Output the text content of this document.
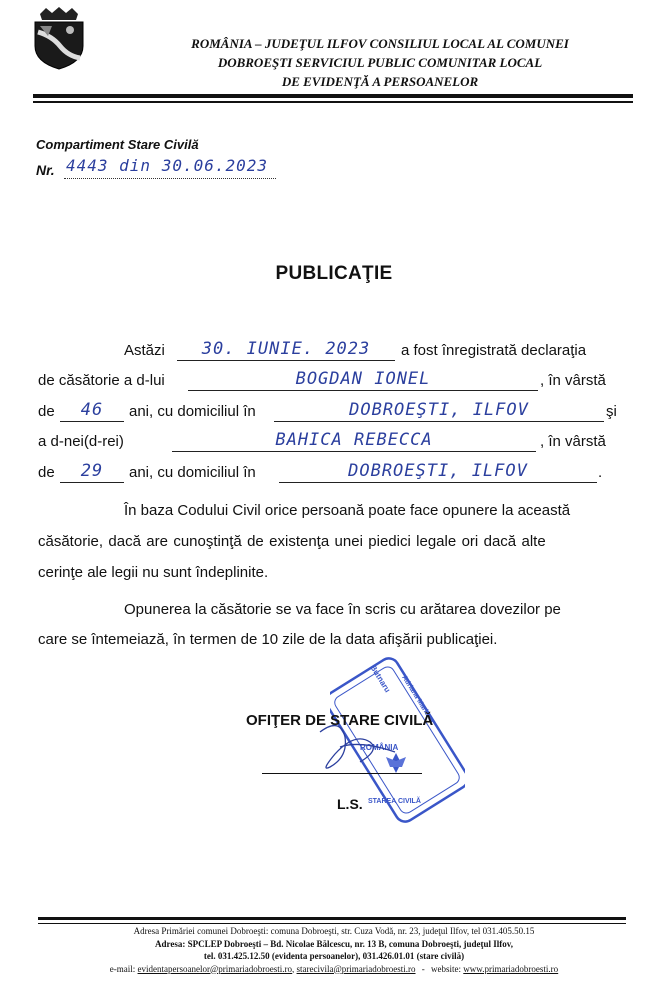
ROMÂNIA – JUDEŢUL ILFOV CONSILIUL LOCAL AL COMUNEI
DOBROEŞTI SERVICIUL PUBLIC COMUNITAR LOCAL
DE EVIDENŢĂ A PERSOANELOR
Compartiment Stare Civilă
Nr. 4443 din 30.06.2023
PUBLICAŢIE
Astăzi 30. IUNIE. 2023 a fost înregistrată declaraţia
de căsătorie a d-lui	BOGDAN IONEL	, în vârstă
de 46 ani, cu domiciliul în	DOBROEŞTI, ILFOV	şi
a d-nei(d-rei)	BAHICA REBECCA	, în vârstă
de 29 ani, cu domiciliul în	DOBROEŞTI, ILFOV	.
În baza Codului Civil orice persoană poate face opunere la această
căsătorie, dacă are cunoştinţă de existenţa unei piedici legale ori dacă alte
cerinţe ale legii nu sunt îndeplinite.
Opunerea la căsătorie se va face în scris cu arătarea dovezilor pe
care se întemeiază, în termen de 10 zile de la data afişării publicaţiei.
Butnaru Adriana Mariana
ROMÂNIA
STAREA CIVILĂ
OFIŢER DE STARE CIVILĂ
L.S.
Adresa Primăriei comunei Dobroeşti: comuna Dobroeşti, str. Cuza Vodă, nr. 23, judeţul Ilfov, tel 031.405.50.15
Adresa: SPCLEP Dobroeşti – Bd. Nicolae Bălcescu, nr. 13 B, comuna Dobroeşti, judeţul Ilfov,
tel. 031.425.12.50 (evidenta persoanelor), 031.426.01.01 (stare civilă)
e-mail: evidentapersoanelor@primariadobroesti.ro, starecivila@primariadobroesti.ro - website: www.primariadobroesti.ro
